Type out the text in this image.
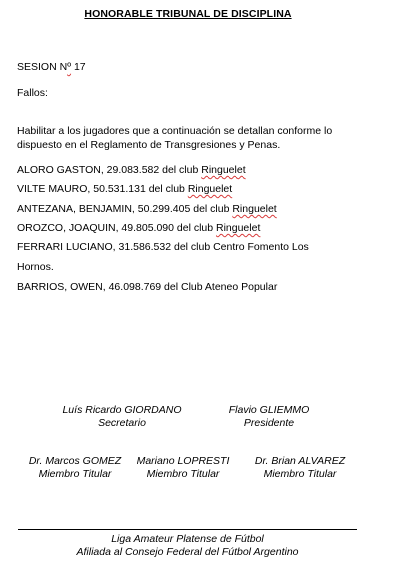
HONORABLE TRIBUNAL DE DISCIPLINA
SESION Nº 17
Fallos:
Habilitar a los jugadores que a continuación se detallan conforme lo dispuesto en el Reglamento de Transgresiones y Penas.
ALORO GASTON, 29.083.582 del club Ringuelet
VILTE MAURO, 50.531.131 del club Ringuelet
ANTEZANA, BENJAMIN, 50.299.405 del club Ringuelet
OROZCO, JOAQUIN, 49.805.090 del club Ringuelet
FERRARI LUCIANO, 31.586.532 del club Centro Fomento Los
Hornos.
BARRIOS, OWEN, 46.098.769 del Club Ateneo Popular
Luís Ricardo GIORDANO
Secretario
Flavio GLIEMMO
Presidente
Dr. Marcos GOMEZ
Miembro Titular
Mariano LOPRESTI
Miembro Titular
Dr. Brian ALVAREZ
Miembro Titular
Liga Amateur Platense de Fútbol
Afiliada al Consejo Federal del Fútbol Argentino
